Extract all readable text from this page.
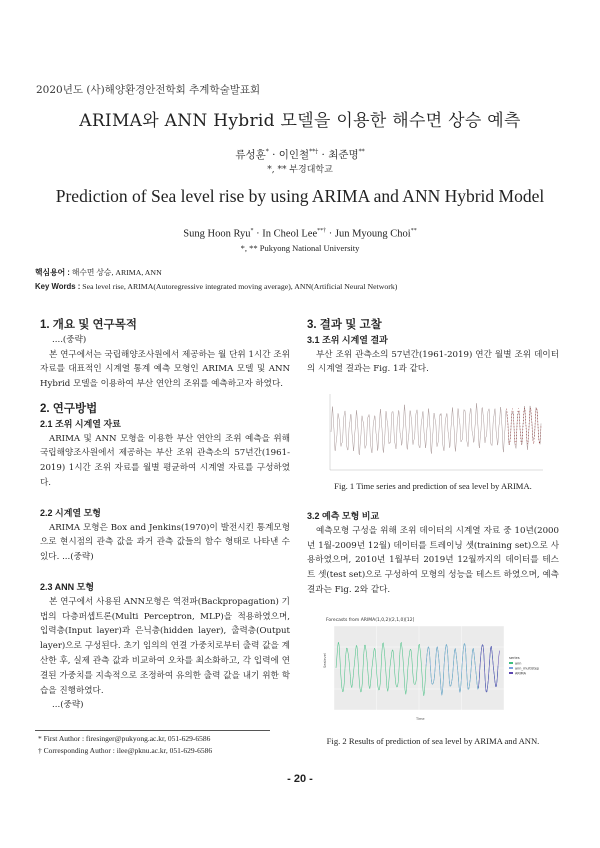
2020년도 (사)해양환경안전학회 추계학술발표회
ARIMA와 ANN Hybrid 모델을 이용한 해수면 상승 예측
류성훈* · 이인철**† · 최준명**
*, ** 부경대학교
Prediction of Sea level rise by using ARIMA and ANN Hybrid Model
Sung Hoon Ryu* · In Cheol Lee**† · Jun Myoung Choi**
*, ** Pukyong National University
핵심용어 : 해수면 상승, ARIMA, ANN
Key Words : Sea level rise, ARIMA(Autoregressive integrated moving average), ANN(Artificial Neural Network)

1. 개요 및 연구목적

....(중략)

본 연구에서는 국립해양조사원에서 제공하는 월 단위 1시간 조위자료를 대표적인 시계열 통계 예측 모형인 ARIMA 모델 및 ANN Hybrid 모델을 이용하여 부산 연안의 조위를 예측하고자 하였다.

2. 연구방법

2.1 조위 시계열 자료

ARIMA 및 ANN 모형을 이용한 부산 연안의 조위 예측을 위해 국립해양조사원에서 제공하는 부산 조위 관측소의 57년간(1961-2019) 1시간 조위 자료를 월별 평균하여 시계열 자료를 구성하였다.

2.2 시계열 모형

ARIMA 모형은 Box and Jenkins(1970)이 발전시킨 통계모형으로 현시점의 관측 값을 과거 관측 값들의 함수 형태로 나타낸 수 있다. ...(중략)

2.3 ANN 모형

본 연구에서 사용된 ANN모형은 역전파(Backpropagation) 기법의 다층퍼셉트론(Multi Perceptron, MLP)을 적용하였으며, 입력층(Input layer)과 은닉층(hidden layer), 출력층(Output layer)으로 구성된다. 초기 임의의 연결 가중치로부터 출력 값을 계산한 후, 실제 관측 값과 비교하여 오차를 최소화하고, 각 입력에 연결된 가중치를 지속적으로 조정하여 유의한 출력 값을 내기 위한 학습을 진행하였다.

...(중략)

3. 결과 및 고찰

3.1 조위 시계열 결과

부산 조위 관측소의 57년간(1961-2019) 연간 월별 조위 데이터의 시계열 결과는 Fig. 1과 같다.

Fig. 1 Time series and prediction of sea level by ARIMA.

3.2 예측 모형 비교

예측모형 구성을 위해 조위 데이터의 시계열 자료 중 10년(2000년 1월-2009년 12월) 데이터를 트레이닝 셋(training set)으로 사용하였으며, 2010년 1월부터 2019년 12월까지의 데이터를 테스트 셋(test set)으로 구성하여 모형의 성능을 테스트 하였으며, 예측결과는 Fig. 2와 같다.

Forecasts from ARIMA(1,0,2)(2,1,0)[12]
Sealevel
Time
series
ann
ann_multistep
ARIMA
Fig. 2 Results of prediction of sea level by ARIMA and ANN.
* First Author : firesinger@pukyong.ac.kr, 051-629-6586
† Corresponding Author : ilee@pknu.ac.kr, 051-629-6586
- 20 -
